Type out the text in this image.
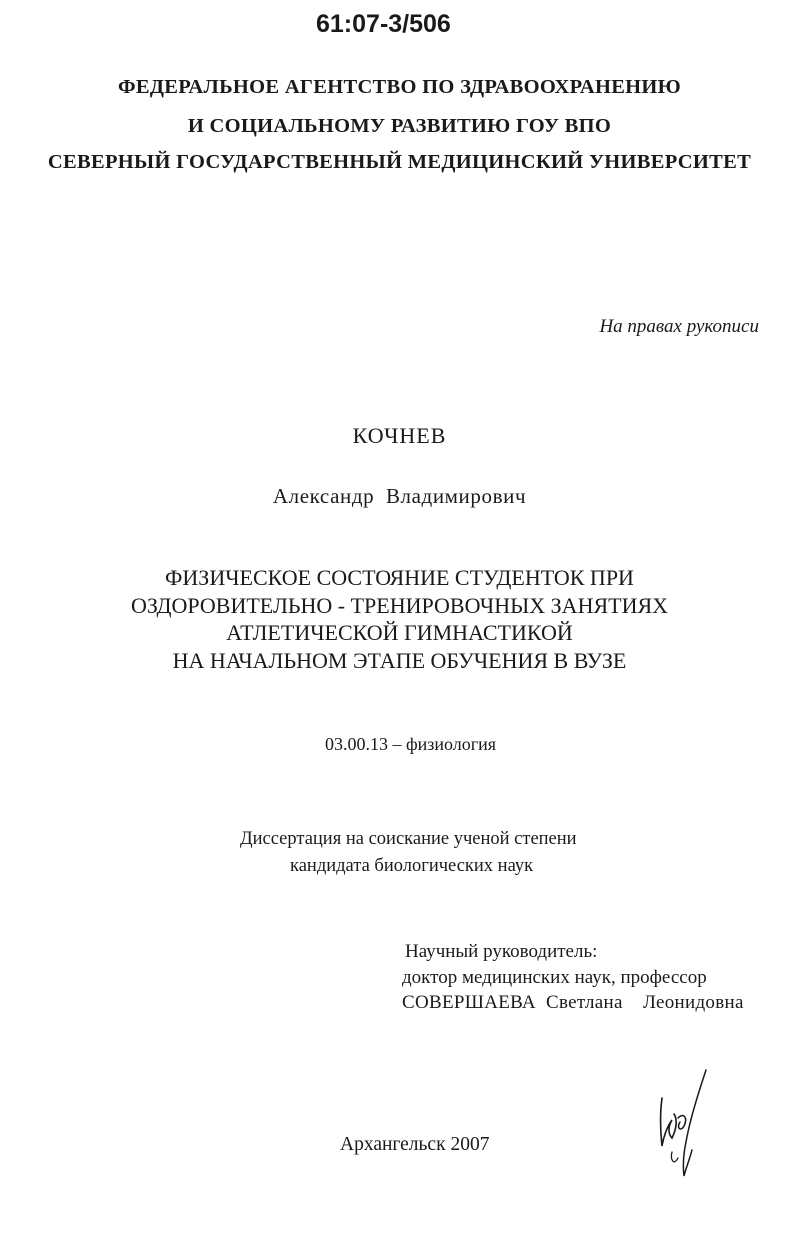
61:07-3/506
ФЕДЕРАЛЬНОЕ АГЕНТСТВО ПО ЗДРАВООХРАНЕНИЮ
И СОЦИАЛЬНОМУ РАЗВИТИЮ ГОУ ВПО
СЕВЕРНЫЙ ГОСУДАРСТВЕННЫЙ МЕДИЦИНСКИЙ УНИВЕРСИТЕТ
На правах рукописи
КОЧНЕВ
Александр  Владимирович
ФИЗИЧЕСКОЕ СОСТОЯНИЕ СТУДЕНТОК ПРИ
ОЗДОРОВИТЕЛЬНО - ТРЕНИРОВОЧНЫХ ЗАНЯТИЯХ
АТЛЕТИЧЕСКОЙ ГИМНАСТИКОЙ
НА НАЧАЛЬНОМ ЭТАПЕ ОБУЧЕНИЯ В ВУЗЕ
03.00.13 – физиология
Диссертация на соискание ученой степени
кандидата биологических наук
Научный руководитель:
доктор медицинских наук, профессор
СОВЕРШАЕВА  Светлана    Леонидовна
Архангельск 2007
